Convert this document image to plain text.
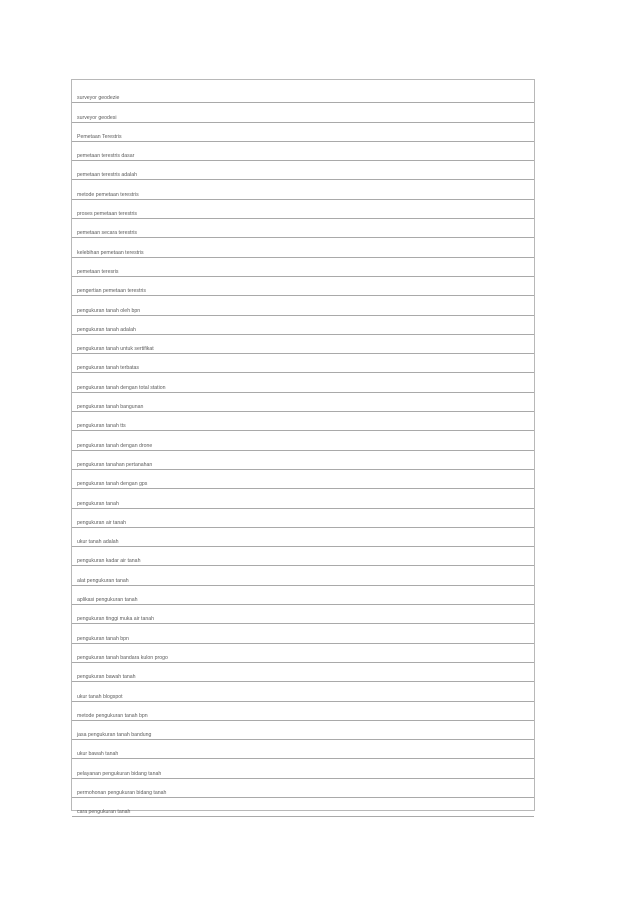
surveyor geodezie
surveyor geodesi
Pemetaan Terestris
pemetaan terestris dasar
pemetaan terestris adalah
metode pemetaan terestris
proses pemetaan terestris
pemetaan secara terestris
kelebihan pemetaan terestris
pemetaan teresris
pengertian pemetaan terestris
pengukuran tanah oleh bpn
pengukuran tanah adalah
pengukuran tanah untuk sertifikat
pengukuran tanah terbatas
pengukuran tanah dengan total station
pengukuran tanah bangunan
pengukuran tanah tts
pengukuran tanah dengan drone
pengukuran tanahan pertanahan
pengukuran tanah dengan gps
pengukuran tanah
pengukuran air tanah
ukur tanah adalah
pengukuran kadar air tanah
alat pengukuran tanah
aplikasi pengukuran tanah
pengukuran tinggi muka air tanah
pengukuran tanah bpn
pengukuran tanah bandara kulon progo
pengukuran bawah tanah
ukur tanah blogspot
metode pengukuran tanah bpn
jasa pengukuran tanah bandung
ukur bawah tanah
pelayanan pengukuran bidang tanah
permohonan pengukuran bidang tanah
cara pengukuran tanah
